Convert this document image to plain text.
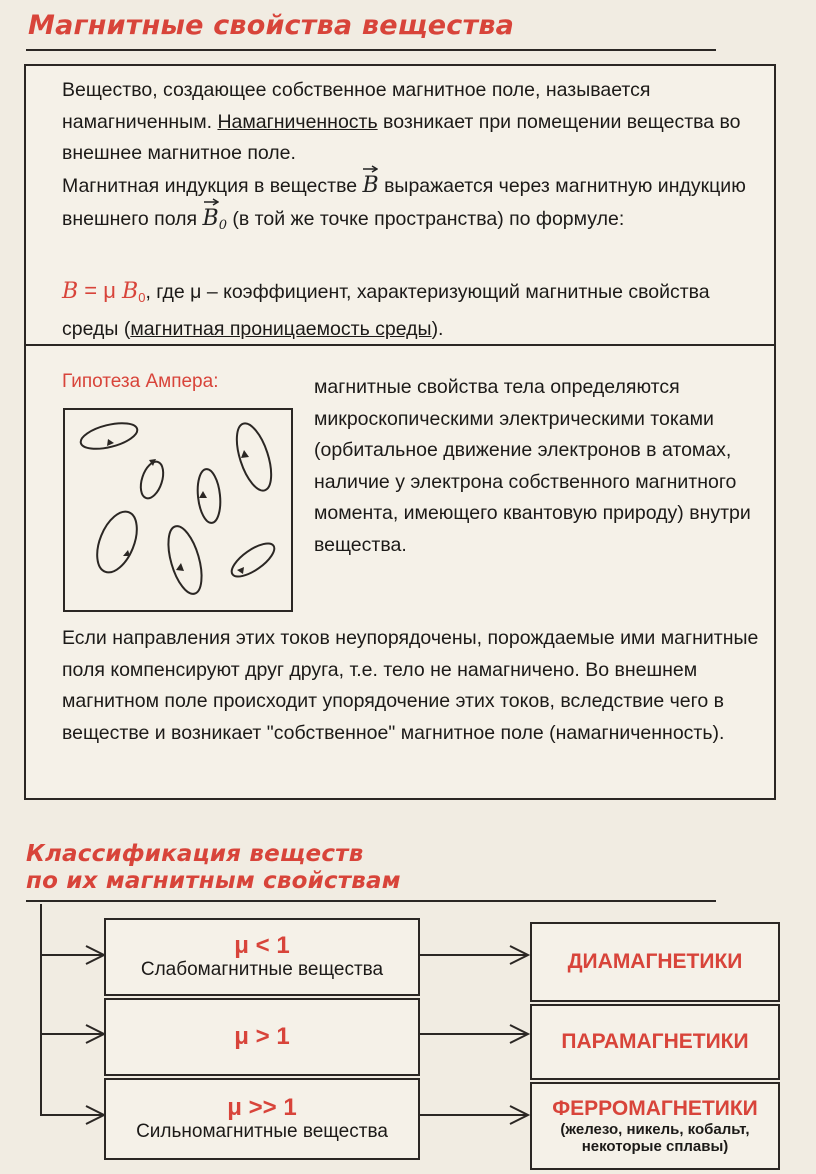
Магнитные свойства вещества

Вещество, создающее собственное магнитное поле, называется намагниченным. Намагниченность возникает при помещении вещества во внешнее магнитное поле.

Магнитная индукция в веществе B выражается через магнитную индукцию внешнего поля $B_0$ (в той же точке пространства) по формуле:

B = μ $B_0$, где μ – коэффициент, характеризующий магнитные свойства среды (магнитная проницаемость среды).

Гипотеза Ампера:	магнитные свойства тела определяются микроскопическими электрическими токами (орбитальное движение электронов в атомах, наличие у электрона собственного магнитного момента, имеющего квантовую природу) внутри вещества.

Если направления этих токов неупорядочены, порождаемые ими магнитные поля компенсируют друг друга, т.е. тело не намагничено. Во внешнем магнитном поле происходит упорядочение этих токов, вследствие чего в веществе и возникает "собственное" магнитное поле (намагниченность).

Классификация веществ
по их магнитным свойствам
μ < 1
Слабомагнитные вещества
μ > 1
μ >> 1
Сильномагнитные вещества
ДИАМАГНЕТИКИ
ПАРАМАГНЕТИКИ
ФЕРРОМАГНЕТИКИ
(железо, никель, кобальт,
некоторые сплавы)
